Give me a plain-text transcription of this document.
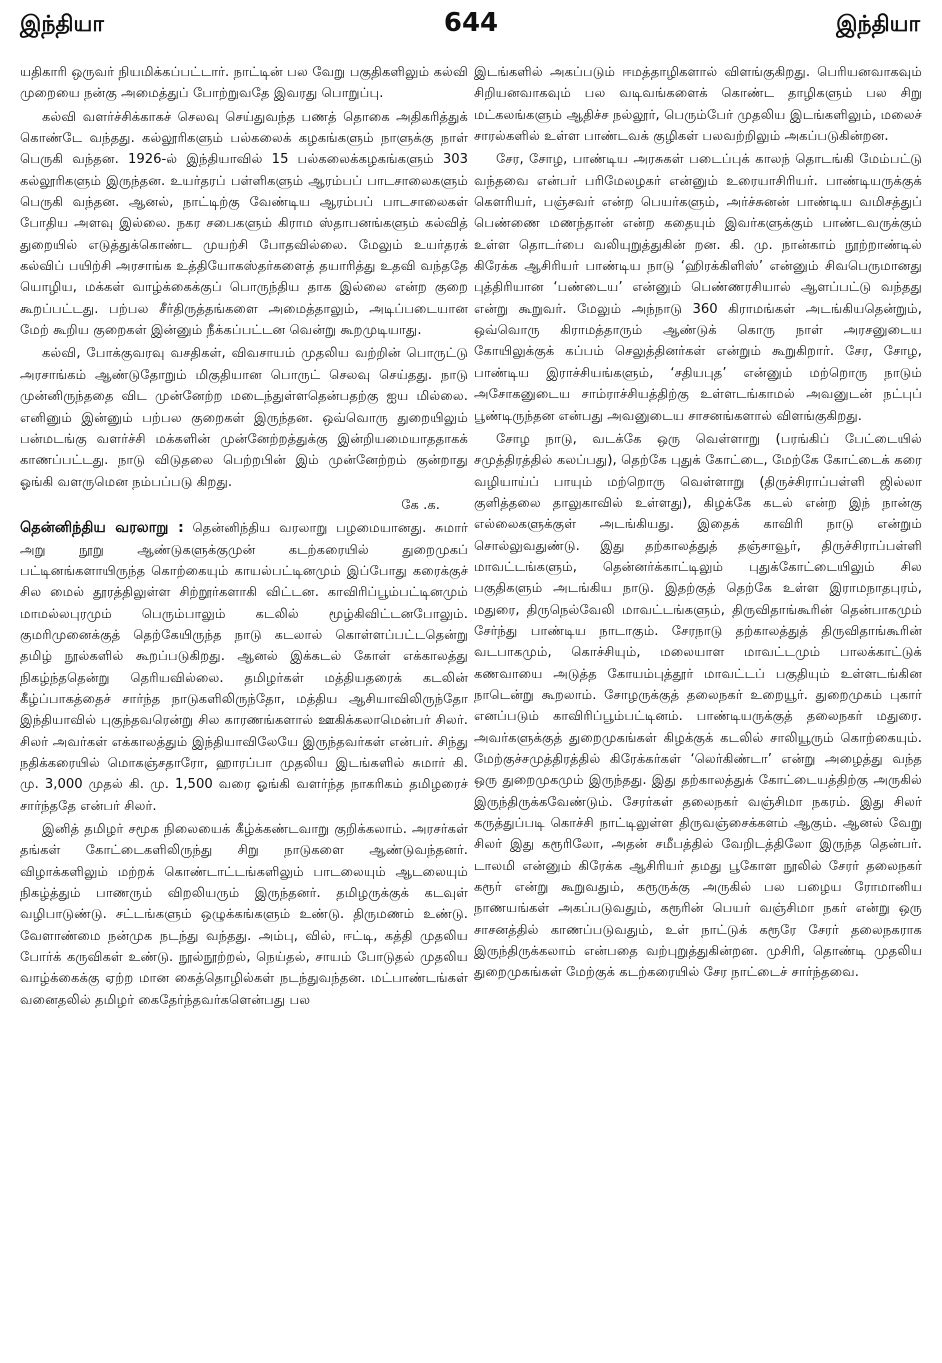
இந்தியா	644	இந்தியா

யதிகாரி ஒருவர் நியமிக்கப்பட்டார். நாட்டின் பல வேறு பகுதிகளிலும் கல்வி முறையை நன்கு அமைத்துப் போற்றுவதே இவரது பொறுப்பு.

கல்வி வளர்ச்சிக்காகச் செலவு செய்துவந்த பணத் தொகை அதிகரித்துக் கொண்டே வந்தது. கல்லூரிகளும் பல்கலைக் கழகங்களும் நாளுக்கு நாள் பெருகி வந்தன. 1926-ல் இந்தியாவில் 15 பல்கலைக்கழகங்களும் 303 கல்லூரிகளும் இருந்தன. உயர்தரப் பள்ளிகளும் ஆரம்பப் பாடசாலைகளும் பெருகி வந்தன. ஆனல், நாட்டிற்கு வேண்டிய ஆரம்பப் பாடசாலைகள் போதிய அளவு இல்லை. நகர சபைகளும் கிராம ஸ்தாபனங்களும் கல்வித் துறையில் எடுத்துக்கொண்ட முயற்சி போதவில்லை. மேலும் உயர்தரக் கல்விப் பயிற்சி அரசாங்க உத்தியோகஸ்தர்களைத் தயாரித்து உதவி வந்ததே யொழிய, மக்கள் வாழ்க்கைக்குப் பொருந்திய தாக இல்லை என்ற குறை கூறப்பட்டது. பற்பல சீர்திருத்தங்களை அமைத்தாலும், அடிப்படையான மேற் கூறிய குறைகள் இன்னும் நீக்கப்பட்டன வென்று கூறமுடியாது.

கல்வி, போக்குவரவு வசதிகள், விவசாயம் முதலிய வற்றின் பொருட்டு அரசாங்கம் ஆண்டுதோறும் மிகுதியான பொருட் செலவு செய்தது. நாடு முன்னிருந்ததை விட முன்னேற்ற மடைந்துள்ளதென்பதற்கு ஐய மில்லை. எனினும் இன்னும் பற்பல குறைகள் இருந்தன. ஒவ்வொரு துறையிலும் பன்மடங்கு வளர்ச்சி மக்களின் முன்னேற்றத்துக்கு இன்றியமையாததாகக் காணப்பட்டது. நாடு விடுதலை பெற்றபின் இம் முன்னேற்றம் குன்றாது ஓங்கி வளருமென நம்பப்படு கிறது.

கே .க.

தென்னிந்திய வரலாறு : தென்னிந்திய வரலாறு பழமையானது. சுமார் அறு நூறு ஆண்டுகளுக்குமுன் கடற்கரையில் துறைமுகப் பட்டினங்களாயிருந்த கொற்கையும் காயல்பட்டினமும் இப்போது கரைக்குச் சில மைல் தூரத்திலுள்ள சிற்றூர்களாகி விட்டன. காவிரிப்பூம்பட்டினமும் மாமல்லபுரமும் பெரும்பாலும் கடலில் மூழ்கிவிட்டனபோலும். குமரிமுனைக்குத் தெற்கேயிருந்த நாடு கடலால் கொள்ளப்பட்டதென்று தமிழ் நூல்களில் கூறப்படுகிறது. ஆனல் இக்கடல் கோள் எக்காலத்து நிகழ்ந்ததென்று தெரியவில்லை. தமிழர்கள் மத்தியதரைக் கடலின் கீழ்ப்பாகத்தைச் சார்ந்த நாடுகளிலிருந்தோ, மத்திய ஆசியாவிலிருந்தோ இந்தியாவில் புகுந்தவரென்று சில காரணங்களால் ஊகிக்கலாமென்பர் சிலர். சிலர் அவர்கள் எக்காலத்தும் இந்தியாவிலேயே இருந்தவர்கள் என்பர். சிந்து நதிக்கரையில் மொகஞ்சதாரோ, ஹாரப்பா முதலிய இடங்களில் சுமார் கி. மு. 3,000 முதல் கி. மு. 1,500 வரை ஓங்கி வளர்ந்த நாகரிகம் தமிழரைச் சார்ந்ததே என்பர் சிலர்.

இனித் தமிழர் சமூக நிலையைக் கீழ்க்கண்டவாறு குறிக்கலாம். அரசர்கள் தங்கள் கோட்டைகளிலிருந்து சிறு நாடுகளை ஆண்டுவந்தனர். விழாக்களிலும் மற்றக் கொண்டாட்டங்களிலும் பாடலையும் ஆடலையும் நிகழ்த்தும் பாணரும் விறலியரும் இருந்தனர். தமிழருக்குக் கடவுள் வழிபாடுண்டு. சட்டங்களும் ஒழுக்கங்களும் உண்டு. திருமணம் உண்டு. வேளாண்மை நன்முக நடந்து வந்தது. அம்பு, வில், ஈட்டி, கத்தி முதலிய போர்க் கருவிகள் உண்டு. நூல்நூற்றல், நெய்தல், சாயம் போடுதல் முதலிய வாழ்க்கைக்கு ஏற்ற மான கைத்தொழில்கள் நடந்துவந்தன. மட்பாண்டங்கள் வனைதலில் தமிழர் கைதேர்ந்தவர்களென்பது பல

இடங்களில் அகப்படும் ஈமத்தாழிகளால் விளங்குகிறது. பெரியனவாகவும் சிறியனவாகவும் பல வடிவங்களைக் கொண்ட தாழிகளும் பல சிறு மட்கலங்களும் ஆதிச்ச நல்லூர், பெரும்பேர் முதலிய இடங்களிலும், மலைச் சாரல்களில் உள்ள பாண்டவக் குழிகள் பலவற்றிலும் அகப்படுகின்றன.

சேர, சோழ, பாண்டிய அரசுகள் படைப்புக் காலந் தொடங்கி மேம்பட்டு வந்தவை என்பர் பரிமேலழகர் என்னும் உரையாசிரியர். பாண்டியருக்குக் கௌரியர், பஞ்சவர் என்ற பெயர்களும், அர்ச்சுனன் பாண்டிய வமிசத்துப் பெண்ணை மணந்தான் என்ற கதையும் இவர்களுக்கும் பாண்டவருக்கும் உள்ள தொடர்பை வலியுறுத்துகின் றன. கி. மு. நான்காம் நூற்றாண்டில் கிரேக்க ஆசிரியர் பாண்டிய நாடு ‘ஹிரக்கிளிஸ்’ என்னும் சிவபெருமானது புத்திரியான ‘பண்டைய’ என்னும் பெண்ணரசியால் ஆளப்பட்டு வந்தது என்று கூறுவர். மேலும் அந்நாடு 360 கிராமங்கள் அடங்கியதென்றும், ஒவ்வொரு கிராமத்தாரும் ஆண்டுக் கொரு நாள் அரசனுடைய கோயிலுக்குக் கப்பம் செலுத்தினர்கள் என்றும் கூறுகிறார். சேர, சோழ, பாண்டிய இராச்சியங்களும், ‘சதியபுத’ என்னும் மற்றொரு நாடும் அசோகனுடைய சாம்ராச்சியத்திற்கு உள்ளடங்காமல் அவனுடன் நட்புப் பூண்டிருந்தன என்பது அவனுடைய சாசனங்களால் விளங்குகிறது.

சோழ நாடு, வடக்கே ஒரு வெள்ளாறு (பரங்கிப் பேட்டையில் சமுத்திரத்தில் கலப்பது), தெற்கே புதுக் கோட்டை, மேற்கே கோட்டைக் கரை வழியாய்ப் பாயும் மற்றொரு வெள்ளாறு (திருச்சிராப்பள்ளி ஜில்லா குளித்தலை தாலுகாவில் உள்ளது), கிழக்கே கடல் என்ற இந் நான்கு எல்லைகளுக்குள் அடங்கியது. இதைக் காவிரி நாடு என்றும் சொல்லுவதுண்டு. இது தற்காலத்துத் தஞ்சாவூர், திருச்சிராப்பள்ளி மாவட்டங்களும், தென்னர்க்காட்டிலும் புதுக்கோட்டையிலும் சில பகுதிகளும் அடங்கிய நாடு. இதற்குத் தெற்கே உள்ள இராமநாதபுரம், மதுரை, திருநெல்வேலி மாவட்டங்களும், திருவிதாங்கூரின் தென்பாகமும் சேர்ந்து பாண்டிய நாடாகும். சேரநாடு தற்காலத்துத் திருவிதாங்கூரின் வடபாகமும், கொச்சியும், மலையாள மாவட்டமும் பாலக்காட்டுக் கணவாயை அடுத்த கோயம்புத்தூர் மாவட்டப் பகுதியும் உள்ளடங்கின நாடென்று கூறலாம். சோழருக்குத் தலைநகர் உறையூர். துறைமுகம் புகார் எனப்படும் காவிரிப்பூம்பட்டினம். பாண்டியருக்குத் தலைநகர் மதுரை. அவர்களுக்குத் துறைமுகங்கள் கிழக்குக் கடலில் சாலியூரும் கொற்கையும். மேற்குச்சமுத்திரத்தில் கிரேக்கர்கள் ‘லெர்கிண்டா’ என்று அழைத்து வந்த ஒரு துறைமுகமும் இருந்தது. இது தற்காலத்துக் கோட்டையத்திற்கு அருகில் இருந்திருக்கவேண்டும். சேரர்கள் தலைநகர் வஞ்சிமா நகரம். இது சிலர் கருத்துப்படி கொச்சி நாட்டிலுள்ள திருவஞ்சைக்களம் ஆகும். ஆனல் வேறு சிலர் இது கரூரிலோ, அதன் சமீபத்தில் வேறிடத்திலோ இருந்த தென்பர். டாலமி என்னும் கிரேக்க ஆசிரியர் தமது பூகோள நூலில் சேரர் தலைநகர் கரூர் என்று கூறுவதும், கரூருக்கு அருகில் பல பழைய ரோமானிய நாணயங்கள் அகப்படுவதும், கரூரின் பெயர் வஞ்சிமா நகர் என்று ஒரு சாசனத்தில் காணப்படுவதும், உள் நாட்டுக் கரூரே சேரர் தலைநகராக இருந்திருக்கலாம் என்பதை வற்புறுத்துகின்றன. முசிரி, தொண்டி முதலிய துறைமுகங்கள் மேற்குக் கடற்கரையில் சேர நாட்டைச் சார்ந்தவை.
